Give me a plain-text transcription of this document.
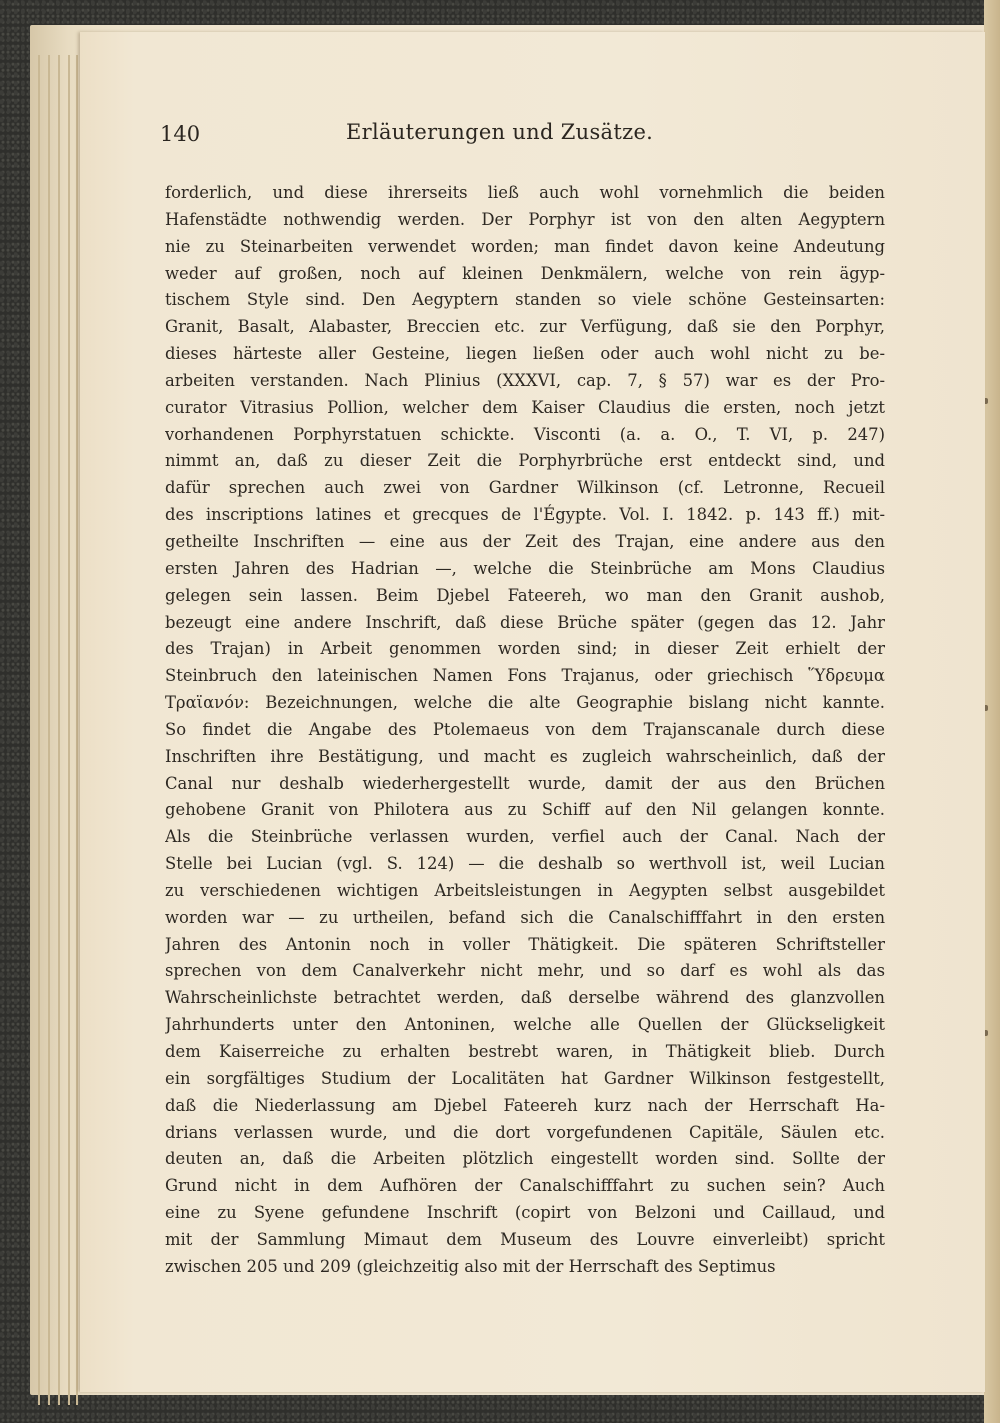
140	Erläuterungen und Zusätze.
forderlich, und diese ihrerseits ließ auch wohl vornehmlich die beiden
Hafenstädte nothwendig werden. Der Porphyr ist von den alten Aegyptern
nie zu Steinarbeiten verwendet worden; man findet davon keine Andeutung
weder auf großen, noch auf kleinen Denkmälern, welche von rein ägyp-
tischem Style sind. Den Aegyptern standen so viele schöne Gesteinsarten:
Granit, Basalt, Alabaster, Breccien etc. zur Verfügung, daß sie den Porphyr,
dieses härteste aller Gesteine, liegen ließen oder auch wohl nicht zu be-
arbeiten verstanden. Nach Plinius (XXXVI, cap. 7, § 57) war es der Pro-
curator Vitrasius Pollion, welcher dem Kaiser Claudius die ersten, noch jetzt
vorhandenen Porphyrstatuen schickte. Visconti (a. a. O., T. VI, p. 247)
nimmt an, daß zu dieser Zeit die Porphyrbrüche erst entdeckt sind, und
dafür sprechen auch zwei von Gardner Wilkinson (cf. Letronne, Recueil
des inscriptions latines et grecques de l'Égypte. Vol. I. 1842. p. 143 ff.) mit-
getheilte Inschriften — eine aus der Zeit des Trajan, eine andere aus den
ersten Jahren des Hadrian —, welche die Steinbrüche am Mons Claudius
gelegen sein lassen. Beim Djebel Fateereh, wo man den Granit aushob,
bezeugt eine andere Inschrift, daß diese Brüche später (gegen das 12. Jahr
des Trajan) in Arbeit genommen worden sind; in dieser Zeit erhielt der
Steinbruch den lateinischen Namen Fons Trajanus, oder griechisch Ὕδρευμα
Τραϊανόν: Bezeichnungen, welche die alte Geographie bislang nicht kannte.
So findet die Angabe des Ptolemaeus von dem Trajanscanale durch diese
Inschriften ihre Bestätigung, und macht es zugleich wahrscheinlich, daß der
Canal nur deshalb wiederhergestellt wurde, damit der aus den Brüchen
gehobene Granit von Philotera aus zu Schiff auf den Nil gelangen konnte.
Als die Steinbrüche verlassen wurden, verfiel auch der Canal. Nach der
Stelle bei Lucian (vgl. S. 124) — die deshalb so werthvoll ist, weil Lucian
zu verschiedenen wichtigen Arbeitsleistungen in Aegypten selbst ausgebildet
worden war — zu urtheilen, befand sich die Canalschifffahrt in den ersten
Jahren des Antonin noch in voller Thätigkeit. Die späteren Schriftsteller
sprechen von dem Canalverkehr nicht mehr, und so darf es wohl als das
Wahrscheinlichste betrachtet werden, daß derselbe während des glanzvollen
Jahrhunderts unter den Antoninen, welche alle Quellen der Glückseligkeit
dem Kaiserreiche zu erhalten bestrebt waren, in Thätigkeit blieb. Durch
ein sorgfältiges Studium der Localitäten hat Gardner Wilkinson festgestellt,
daß die Niederlassung am Djebel Fateereh kurz nach der Herrschaft Ha-
drians verlassen wurde, und die dort vorgefundenen Capitäle, Säulen etc.
deuten an, daß die Arbeiten plötzlich eingestellt worden sind. Sollte der
Grund nicht in dem Aufhören der Canalschifffahrt zu suchen sein? Auch
eine zu Syene gefundene Inschrift (copirt von Belzoni und Caillaud, und
mit der Sammlung Mimaut dem Museum des Louvre einverleibt) spricht
zwischen 205 und 209 (gleichzeitig also mit der Herrschaft des Septimus
